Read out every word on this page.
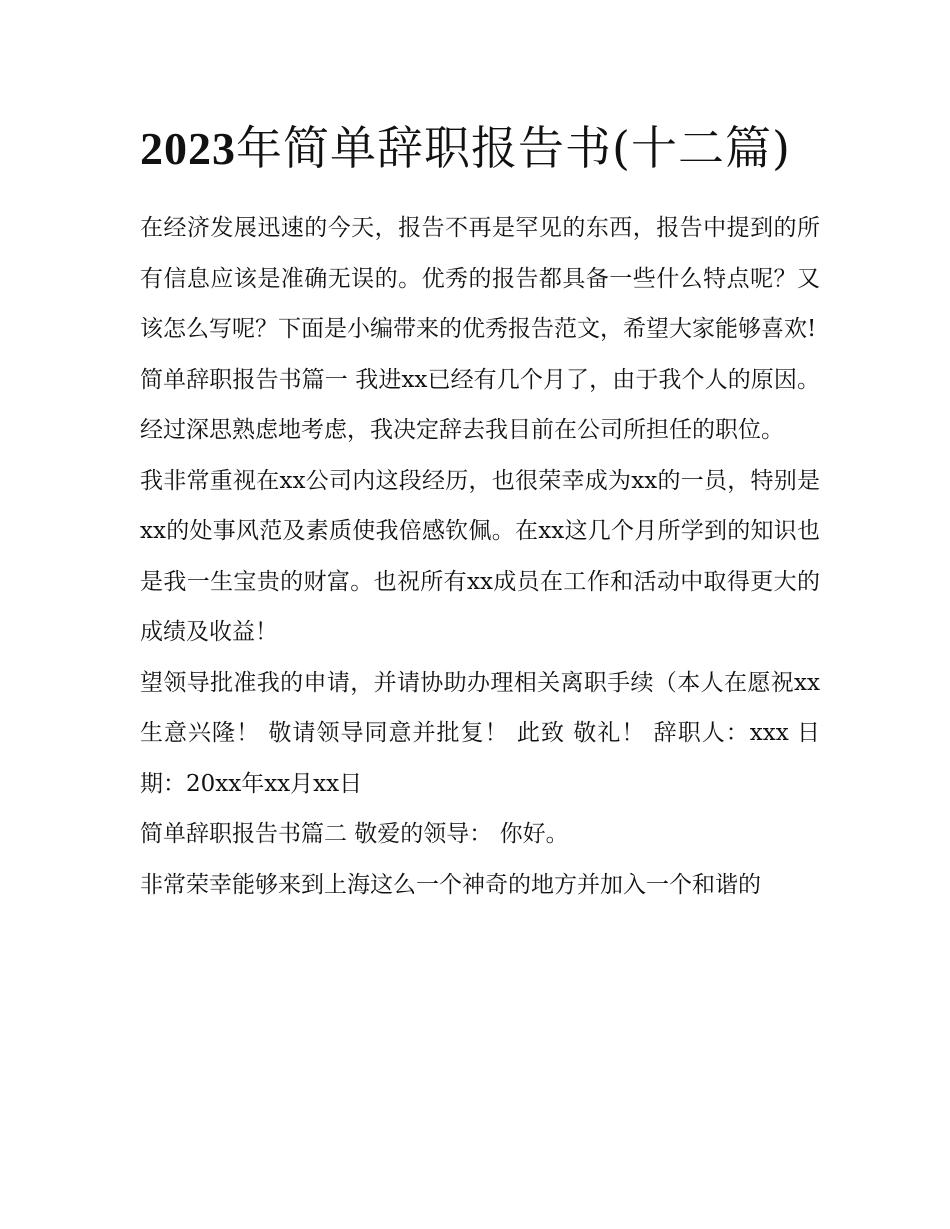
2023年简单辞职报告书(十二篇)

在经济发展迅速的今天，报告不再是罕见的东西，报告中提到的所有信息应该是准确无误的。优秀的报告都具备一些什么特点呢？又该怎么写呢？下面是小编带来的优秀报告范文，希望大家能够喜欢!

简单辞职报告书篇一 我进xx已经有几个月了，由于我个人的原因。经过深思熟虑地考虑，我决定辞去我目前在公司所担任的职位。

我非常重视在xx公司内这段经历，也很荣幸成为xx的一员，特别是xx的处事风范及素质使我倍感钦佩。在xx这几个月所学到的知识也是我一生宝贵的财富。也祝所有xx成员在工作和活动中取得更大的成绩及收益！

望领导批准我的申请，并请协助办理相关离职手续（本人在愿祝xx生意兴隆！ 敬请领导同意并批复！ 此致 敬礼！ 辞职人：xxx 日期：20xx年xx月xx日

简单辞职报告书篇二 敬爱的领导： 你好。

非常荣幸能够来到上海这么一个神奇的地方并加入一个和谐的
